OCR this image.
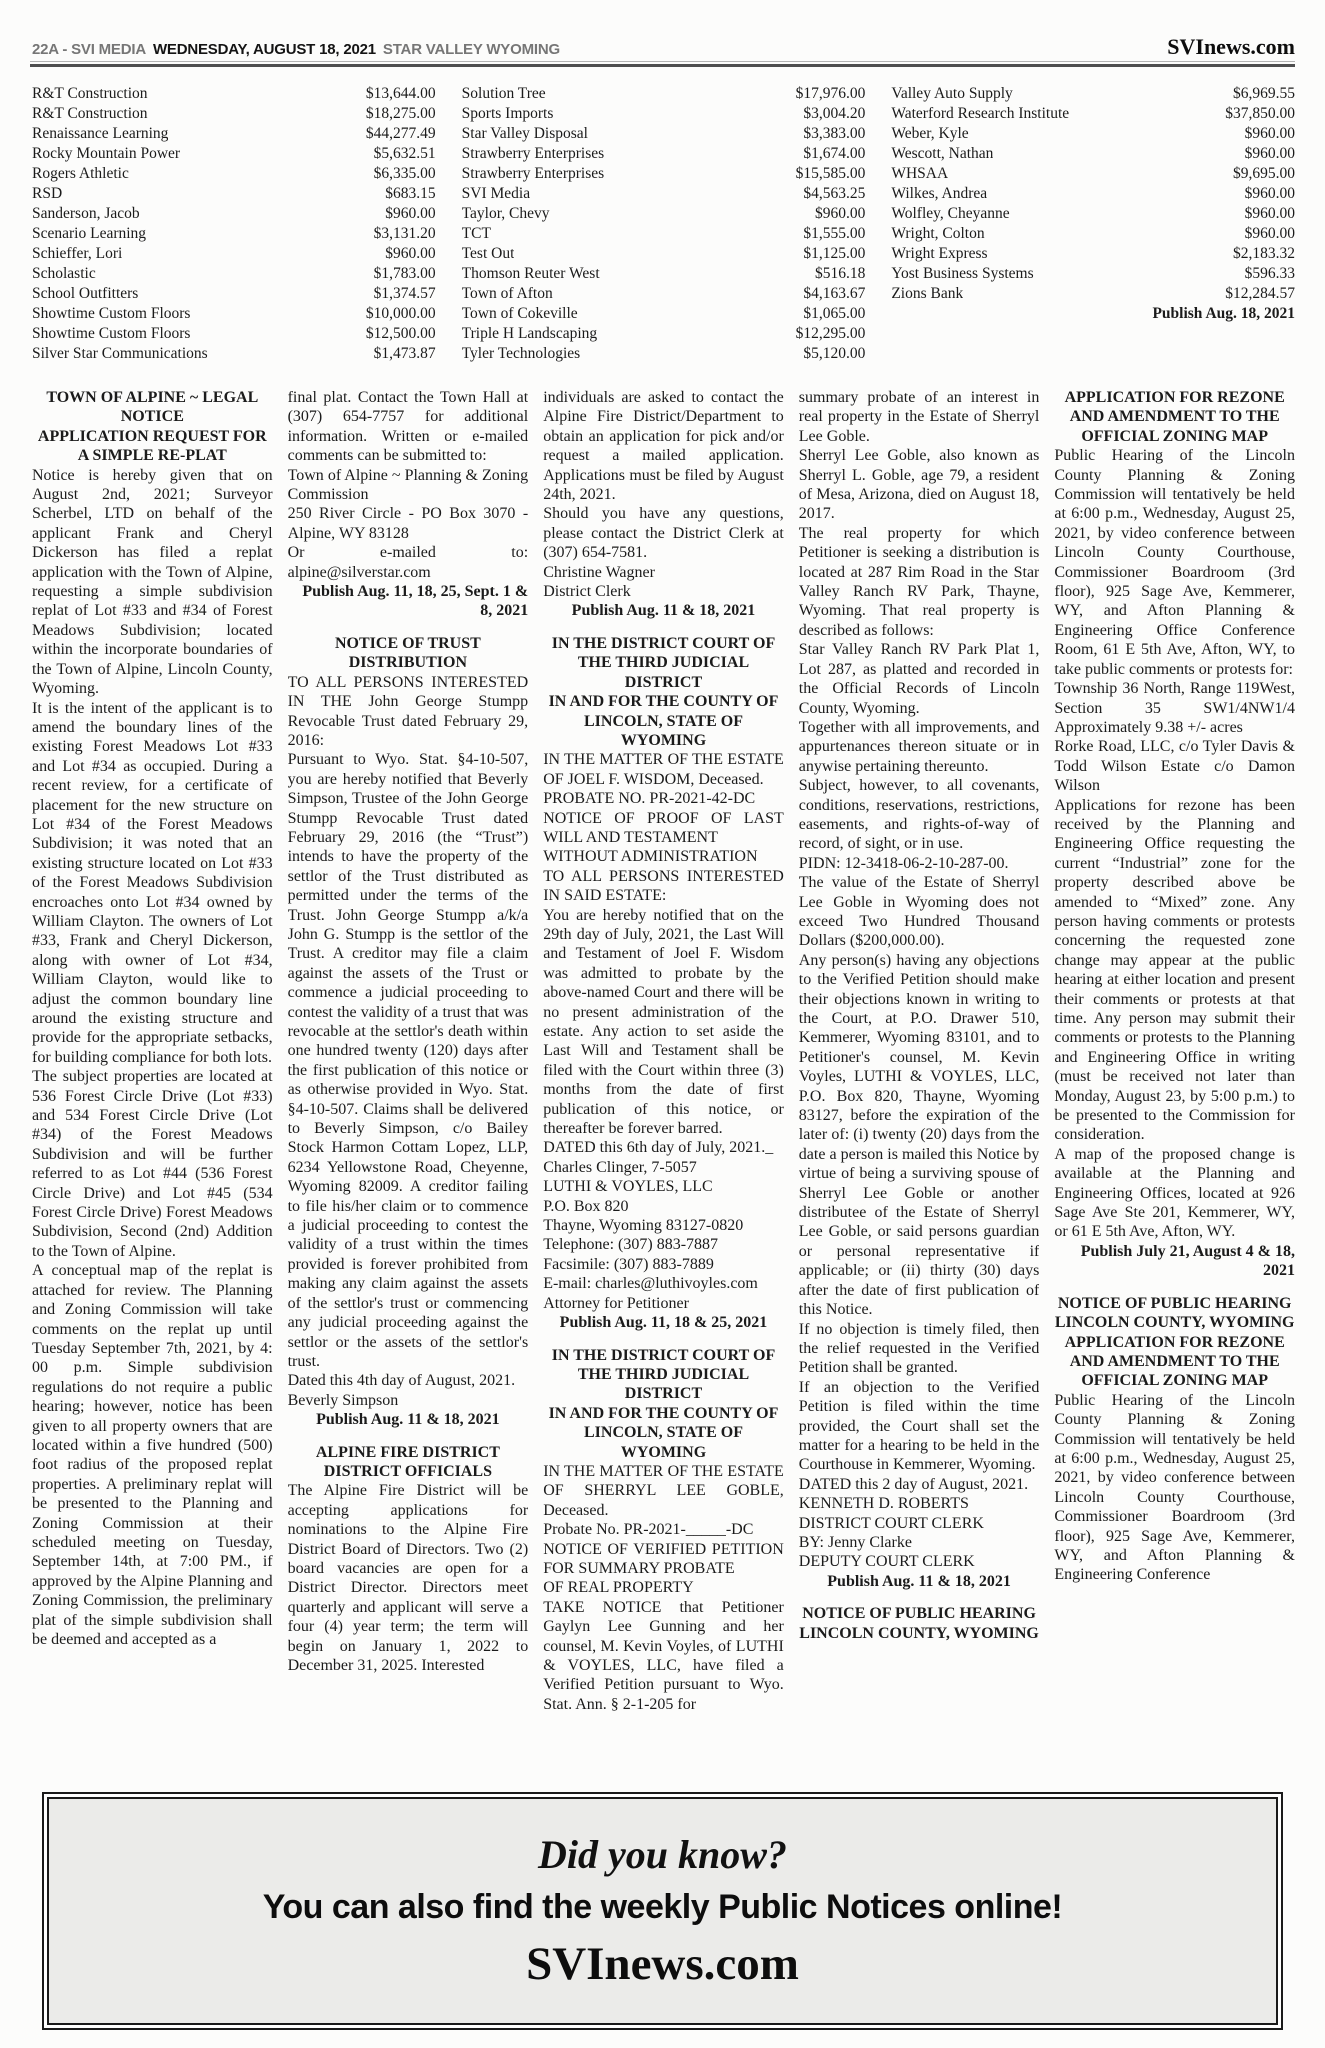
22A - SVI MEDIA WEDNESDAY, AUGUST 18, 2021 STAR VALLEY WYOMING	SVInews.com
R&T Construction	$13,644.00
R&T Construction	$18,275.00
Renaissance Learning	$44,277.49
Rocky Mountain Power	$5,632.51
Rogers Athletic	$6,335.00
RSD	$683.15
Sanderson, Jacob	$960.00
Scenario Learning	$3,131.20
Schieffer, Lori	$960.00
Scholastic	$1,783.00
School Outfitters	$1,374.57
Showtime Custom Floors	$10,000.00
Showtime Custom Floors	$12,500.00
Silver Star Communications	$1,473.87
Solution Tree	$17,976.00
Sports Imports	$3,004.20
Star Valley Disposal	$3,383.00
Strawberry Enterprises	$1,674.00
Strawberry Enterprises	$15,585.00
SVI Media	$4,563.25
Taylor, Chevy	$960.00
TCT	$1,555.00
Test Out	$1,125.00
Thomson Reuter West	$516.18
Town of Afton	$4,163.67
Town of Cokeville	$1,065.00
Triple H Landscaping	$12,295.00
Tyler Technologies	$5,120.00
Valley Auto Supply	$6,969.55
Waterford Research Institute	$37,850.00
Weber, Kyle	$960.00
Wescott, Nathan	$960.00
WHSAA	$9,695.00
Wilkes, Andrea	$960.00
Wolfley, Cheyanne	$960.00
Wright, Colton	$960.00
Wright Express	$2,183.32
Yost Business Systems	$596.33
Zions Bank	$12,284.57
Publish Aug. 18, 2021
TOWN OF ALPINE ~ LEGAL NOTICE
APPLICATION REQUEST FOR A SIMPLE RE-PLAT
Notice is hereby given that on August 2nd, 2021; Surveyor Scherbel, LTD on behalf of the applicant Frank and Cheryl Dickerson has filed a replat application with the Town of Alpine, requesting a simple subdivision replat of Lot #33 and #34 of Forest Meadows Subdivision; located within the incorporate boundaries of the Town of Alpine, Lincoln County, Wyoming.
It is the intent of the applicant is to amend the boundary lines of the existing Forest Meadows Lot #33 and Lot #34 as occupied. During a recent review, for a certificate of placement for the new structure on Lot #34 of the Forest Meadows Subdivision; it was noted that an existing structure located on Lot #33 of the Forest Meadows Subdivision encroaches onto Lot #34 owned by William Clayton. The owners of Lot #33, Frank and Cheryl Dickerson, along with owner of Lot #34, William Clayton, would like to adjust the common boundary line around the existing structure and provide for the appropriate setbacks, for building compliance for both lots.
The subject properties are located at 536 Forest Circle Drive (Lot #33) and 534 Forest Circle Drive (Lot #34) of the Forest Meadows Subdivision and will be further referred to as Lot #44 (536 Forest Circle Drive) and Lot #45 (534 Forest Circle Drive) Forest Meadows Subdivision, Second (2nd) Addition to the Town of Alpine.
A conceptual map of the replat is attached for review. The Planning and Zoning Commission will take comments on the replat up until Tuesday September 7th, 2021, by 4: 00 p.m. Simple subdivision regulations do not require a public hearing; however, notice has been given to all property owners that are located within a five hundred (500) foot radius of the proposed replat properties. A preliminary replat will be presented to the Planning and Zoning Commission at their scheduled meeting on Tuesday, September 14th, at 7:00 PM., if approved by the Alpine Planning and Zoning Commission, the preliminary plat of the simple subdivision shall be deemed and accepted as a
final plat. Contact the Town Hall at (307) 654-7757 for additional information. Written or e-mailed comments can be submitted to:
Town of Alpine ~ Planning & Zoning Commission
250 River Circle - PO Box 3070 - Alpine, WY 83128
Or e-mailed to: alpine@silverstar.com
Publish Aug. 11, 18, 25, Sept. 1 & 8, 2021
NOTICE OF TRUST DISTRIBUTION
TO ALL PERSONS INTERESTED IN THE John George Stumpp Revocable Trust dated February 29, 2016:
Pursuant to Wyo. Stat. §4-10-507, you are hereby notified that Beverly Simpson, Trustee of the John George Stumpp Revocable Trust dated February 29, 2016 (the “Trust”) intends to have the property of the settlor of the Trust distributed as permitted under the terms of the Trust. John George Stumpp a/k/a John G. Stumpp is the settlor of the Trust. A creditor may file a claim against the assets of the Trust or commence a judicial proceeding to contest the validity of a trust that was revocable at the settlor's death within one hundred twenty (120) days after the first publication of this notice or as otherwise provided in Wyo. Stat. §4-10-507. Claims shall be delivered to Beverly Simpson, c/o Bailey Stock Harmon Cottam Lopez, LLP, 6234 Yellowstone Road, Cheyenne, Wyoming 82009. A creditor failing to file his/her claim or to commence a judicial proceeding to contest the validity of a trust within the times provided is forever prohibited from making any claim against the assets of the settlor's trust or commencing any judicial proceeding against the settlor or the assets of the settlor's trust.
Dated this 4th day of August, 2021.
Beverly Simpson
Publish Aug. 11 & 18, 2021
ALPINE FIRE DISTRICT DISTRICT OFFICIALS
The Alpine Fire District will be accepting applications for nominations to the Alpine Fire District Board of Directors. Two (2) board vacancies are open for a District Director. Directors meet quarterly and applicant will serve a four (4) year term; the term will begin on January 1, 2022 to December 31, 2025. Interested
individuals are asked to contact the Alpine Fire District/Department to obtain an application for pick and/or request a mailed application. Applications must be filed by August 24th, 2021.
Should you have any questions, please contact the District Clerk at (307) 654-7581.
Christine Wagner
District Clerk
Publish Aug. 11 & 18, 2021
IN THE DISTRICT COURT OF THE THIRD JUDICIAL DISTRICT
IN AND FOR THE COUNTY OF LINCOLN, STATE OF WYOMING
IN THE MATTER OF THE ESTATE OF JOEL F. WISDOM, Deceased.
PROBATE NO. PR-2021-42-DC
NOTICE OF PROOF OF LAST WILL AND TESTAMENT
WITHOUT ADMINISTRATION
TO ALL PERSONS INTERESTED IN SAID ESTATE:
You are hereby notified that on the 29th day of July, 2021, the Last Will and Testament of Joel F. Wisdom was admitted to probate by the above-named Court and there will be no present administration of the estate. Any action to set aside the Last Will and Testament shall be filed with the Court within three (3) months from the date of first publication of this notice, or thereafter be forever barred.
DATED this 6th day of July, 2021._
Charles Clinger, 7-5057
LUTHI & VOYLES, LLC
P.O. Box 820
Thayne, Wyoming 83127-0820
Telephone: (307) 883-7887
Facsimile: (307) 883-7889
E-mail: charles@luthivoyles.com
Attorney for Petitioner
Publish Aug. 11, 18 & 25, 2021
IN THE DISTRICT COURT OF THE THIRD JUDICIAL DISTRICT
IN AND FOR THE COUNTY OF LINCOLN, STATE OF WYOMING
IN THE MATTER OF THE ESTATE OF SHERRYL LEE GOBLE, Deceased.
Probate No. PR-2021-_____-DC
NOTICE OF VERIFIED PETITION FOR SUMMARY PROBATE
OF REAL PROPERTY
TAKE NOTICE that Petitioner Gaylyn Lee Gunning and her counsel, M. Kevin Voyles, of LUTHI & VOYLES, LLC, have filed a Verified Petition pursuant to Wyo. Stat. Ann. § 2-1-205 for
summary probate of an interest in real property in the Estate of Sherryl Lee Goble.
Sherryl Lee Goble, also known as Sherryl L. Goble, age 79, a resident of Mesa, Arizona, died on August 18, 2017.
The real property for which Petitioner is seeking a distribution is located at 287 Rim Road in the Star Valley Ranch RV Park, Thayne, Wyoming. That real property is described as follows:
Star Valley Ranch RV Park Plat 1, Lot 287, as platted and recorded in the Official Records of Lincoln County, Wyoming.
Together with all improvements, and appurtenances thereon situate or in anywise pertaining thereunto.
Subject, however, to all covenants, conditions, reservations, restrictions, easements, and rights-of-way of record, of sight, or in use.
PIDN: 12-3418-06-2-10-287-00.
The value of the Estate of Sherryl Lee Goble in Wyoming does not exceed Two Hundred Thousand Dollars ($200,000.00).
Any person(s) having any objections to the Verified Petition should make their objections known in writing to the Court, at P.O. Drawer 510, Kemmerer, Wyoming 83101, and to Petitioner's counsel, M. Kevin Voyles, LUTHI & VOYLES, LLC, P.O. Box 820, Thayne, Wyoming 83127, before the expiration of the later of: (i) twenty (20) days from the date a person is mailed this Notice by virtue of being a surviving spouse of Sherryl Lee Goble or another distributee of the Estate of Sherryl Lee Goble, or said persons guardian or personal representative if applicable; or (ii) thirty (30) days after the date of first publication of this Notice.
If no objection is timely filed, then the relief requested in the Verified Petition shall be granted.
If an objection to the Verified Petition is filed within the time provided, the Court shall set the matter for a hearing to be held in the Courthouse in Kemmerer, Wyoming.
DATED this 2 day of August, 2021.
KENNETH D. ROBERTS
DISTRICT COURT CLERK
BY: Jenny Clarke
DEPUTY COURT CLERK
Publish Aug. 11 & 18, 2021
NOTICE OF PUBLIC HEARING LINCOLN COUNTY, WYOMING
APPLICATION FOR REZONE AND AMENDMENT TO THE OFFICIAL ZONING MAP
Public Hearing of the Lincoln County Planning & Zoning Commission will tentatively be held at 6:00 p.m., Wednesday, August 25, 2021, by video conference between Lincoln County Courthouse, Commissioner Boardroom (3rd floor), 925 Sage Ave, Kemmerer, WY, and Afton Planning & Engineering Office Conference Room, 61 E 5th Ave, Afton, WY, to take public comments or protests for:
Township 36 North, Range 119West, Section 35 SW1/4NW1/4 Approximately 9.38 +/- acres
Rorke Road, LLC, c/o Tyler Davis & Todd Wilson Estate c/o Damon Wilson
Applications for rezone has been received by the Planning and Engineering Office requesting the current “Industrial” zone for the property described above be amended to “Mixed” zone. Any person having comments or protests concerning the requested zone change may appear at the public hearing at either location and present their comments or protests at that time. Any person may submit their comments or protests to the Planning and Engineering Office in writing (must be received not later than Monday, August 23, by 5:00 p.m.) to be presented to the Commission for consideration.
A map of the proposed change is available at the Planning and Engineering Offices, located at 926 Sage Ave Ste 201, Kemmerer, WY, or 61 E 5th Ave, Afton, WY.
Publish July 21, August 4 & 18, 2021
NOTICE OF PUBLIC HEARING LINCOLN COUNTY, WYOMING
APPLICATION FOR REZONE AND AMENDMENT TO THE OFFICIAL ZONING MAP
Public Hearing of the Lincoln County Planning & Zoning Commission will tentatively be held at 6:00 p.m., Wednesday, August 25, 2021, by video conference between Lincoln County Courthouse, Commissioner Boardroom (3rd floor), 925 Sage Ave, Kemmerer, WY, and Afton Planning & Engineering Conference
Did you know?
You can also find the weekly Public Notices online!
SVInews.com
